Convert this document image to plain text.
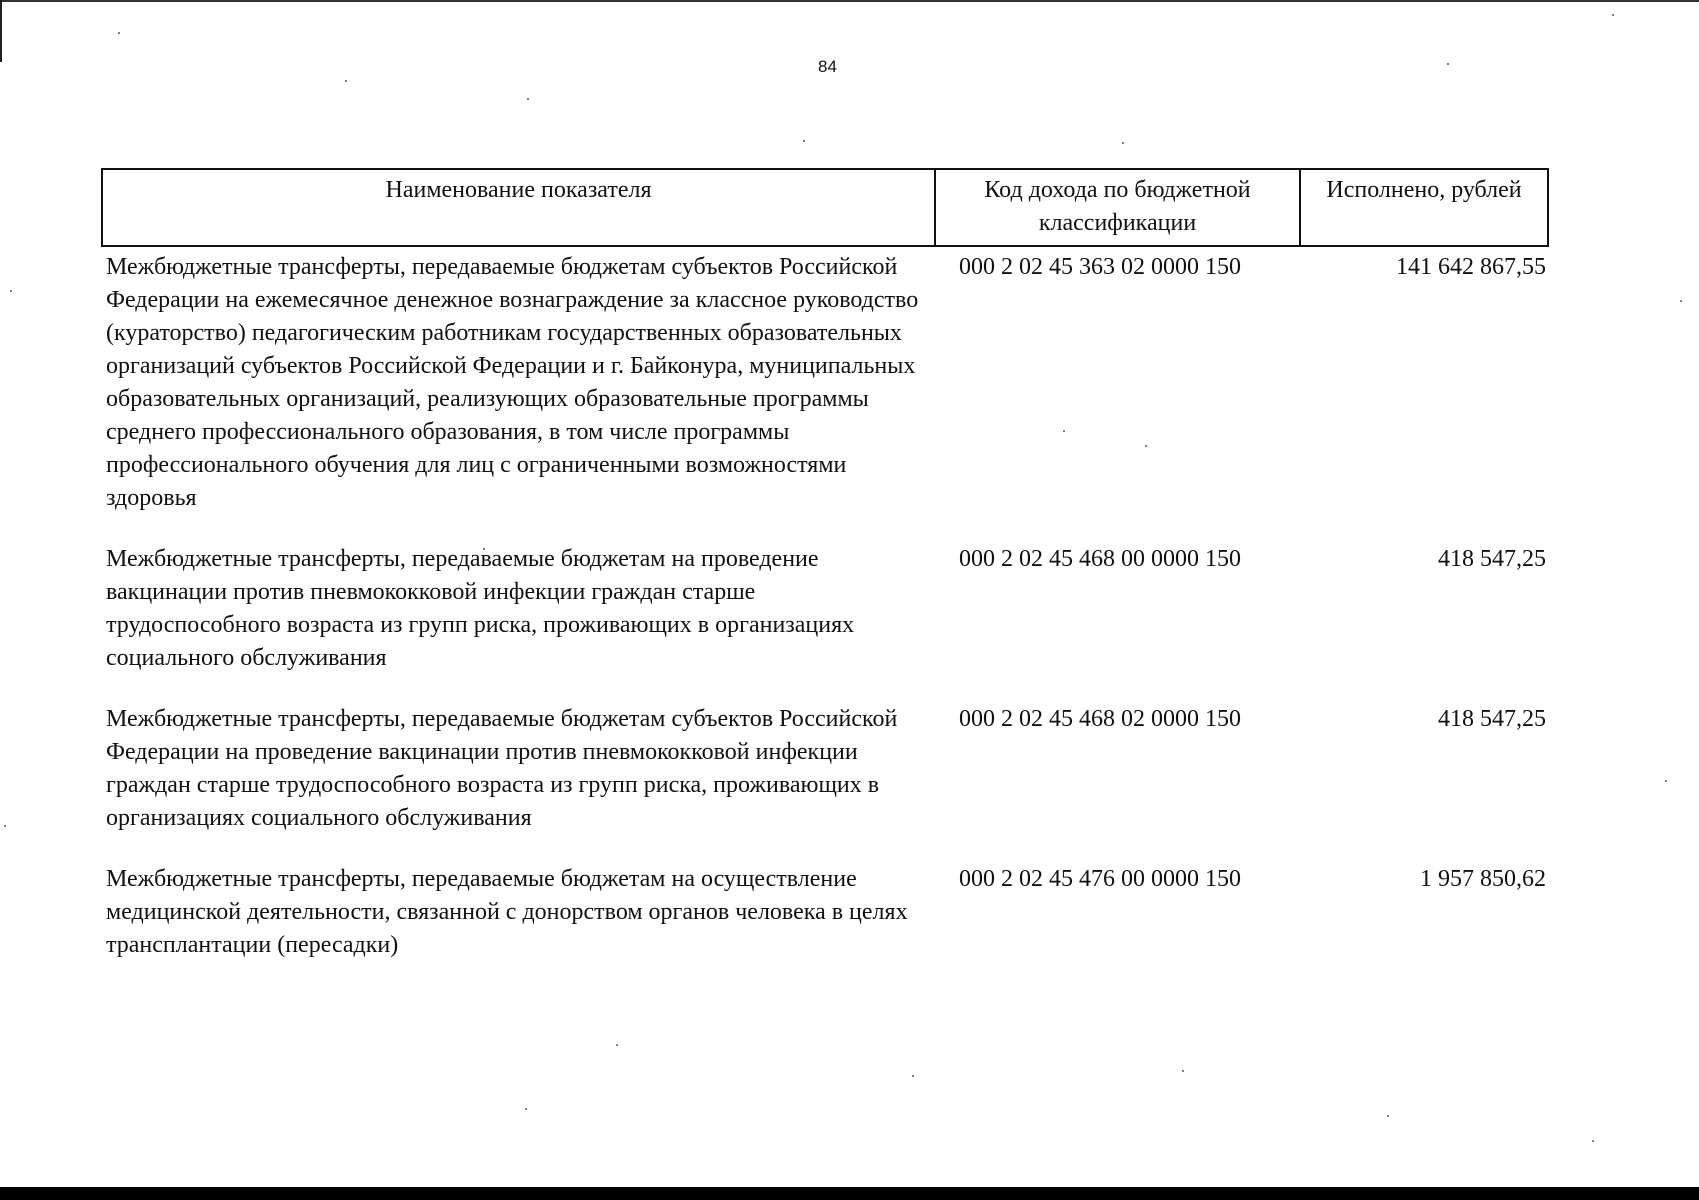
84
Наименование показателя	Код дохода по бюджетной классификации	Исполнено, рублей
Межбюджетные трансферты, передаваемые бюджетам субъектов Российской Федерации на ежемесячное денежное вознаграждение за классное руководство (кураторство) педагогическим работникам государственных образовательных организаций субъектов Российской Федерации и г. Байконура, муниципальных образовательных организаций, реализующих образовательные программы среднего профессионального образования, в том числе программы профессионального обучения для лиц с ограниченными возможностями здоровья	000 2 02 45 363 02 0000 150	141 642 867,55
Межбюджетные трансферты, передаваемые бюджетам на проведение вакцинации против пневмококковой инфекции граждан старше трудоспособного возраста из групп риска, проживающих в организациях социального обслуживания	000 2 02 45 468 00 0000 150	418 547,25
Межбюджетные трансферты, передаваемые бюджетам субъектов Российской Федерации на проведение вакцинации против пневмококковой инфекции граждан старше трудоспособного возраста из групп риска, проживающих в организациях социального обслуживания	000 2 02 45 468 02 0000 150	418 547,25
Межбюджетные трансферты, передаваемые бюджетам на осуществление медицинской деятельности, связанной с донорством органов человека в целях трансплантации (пересадки)	000 2 02 45 476 00 0000 150	1 957 850,62
